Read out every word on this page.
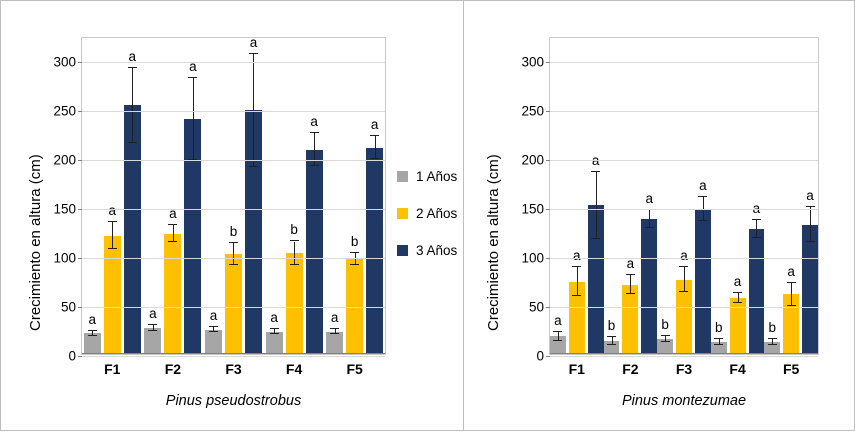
Crecimiento en altura (cm)	a
a
a
F1
a
a
a
F2
a
b
a
F3
a
b
a
F4
a
b
a
F5
0
50
100
150
200
250
300
Pinus pseudostrobus
1 Años
2 Años
3 Años Crecimiento en altura (cm)	a
a
a
F1
b
a
a
F2
b
a
a
F3
b
a
a
F4
b
a
a
F5
0
50
100
150
200
250
300
Pinus montezumae
